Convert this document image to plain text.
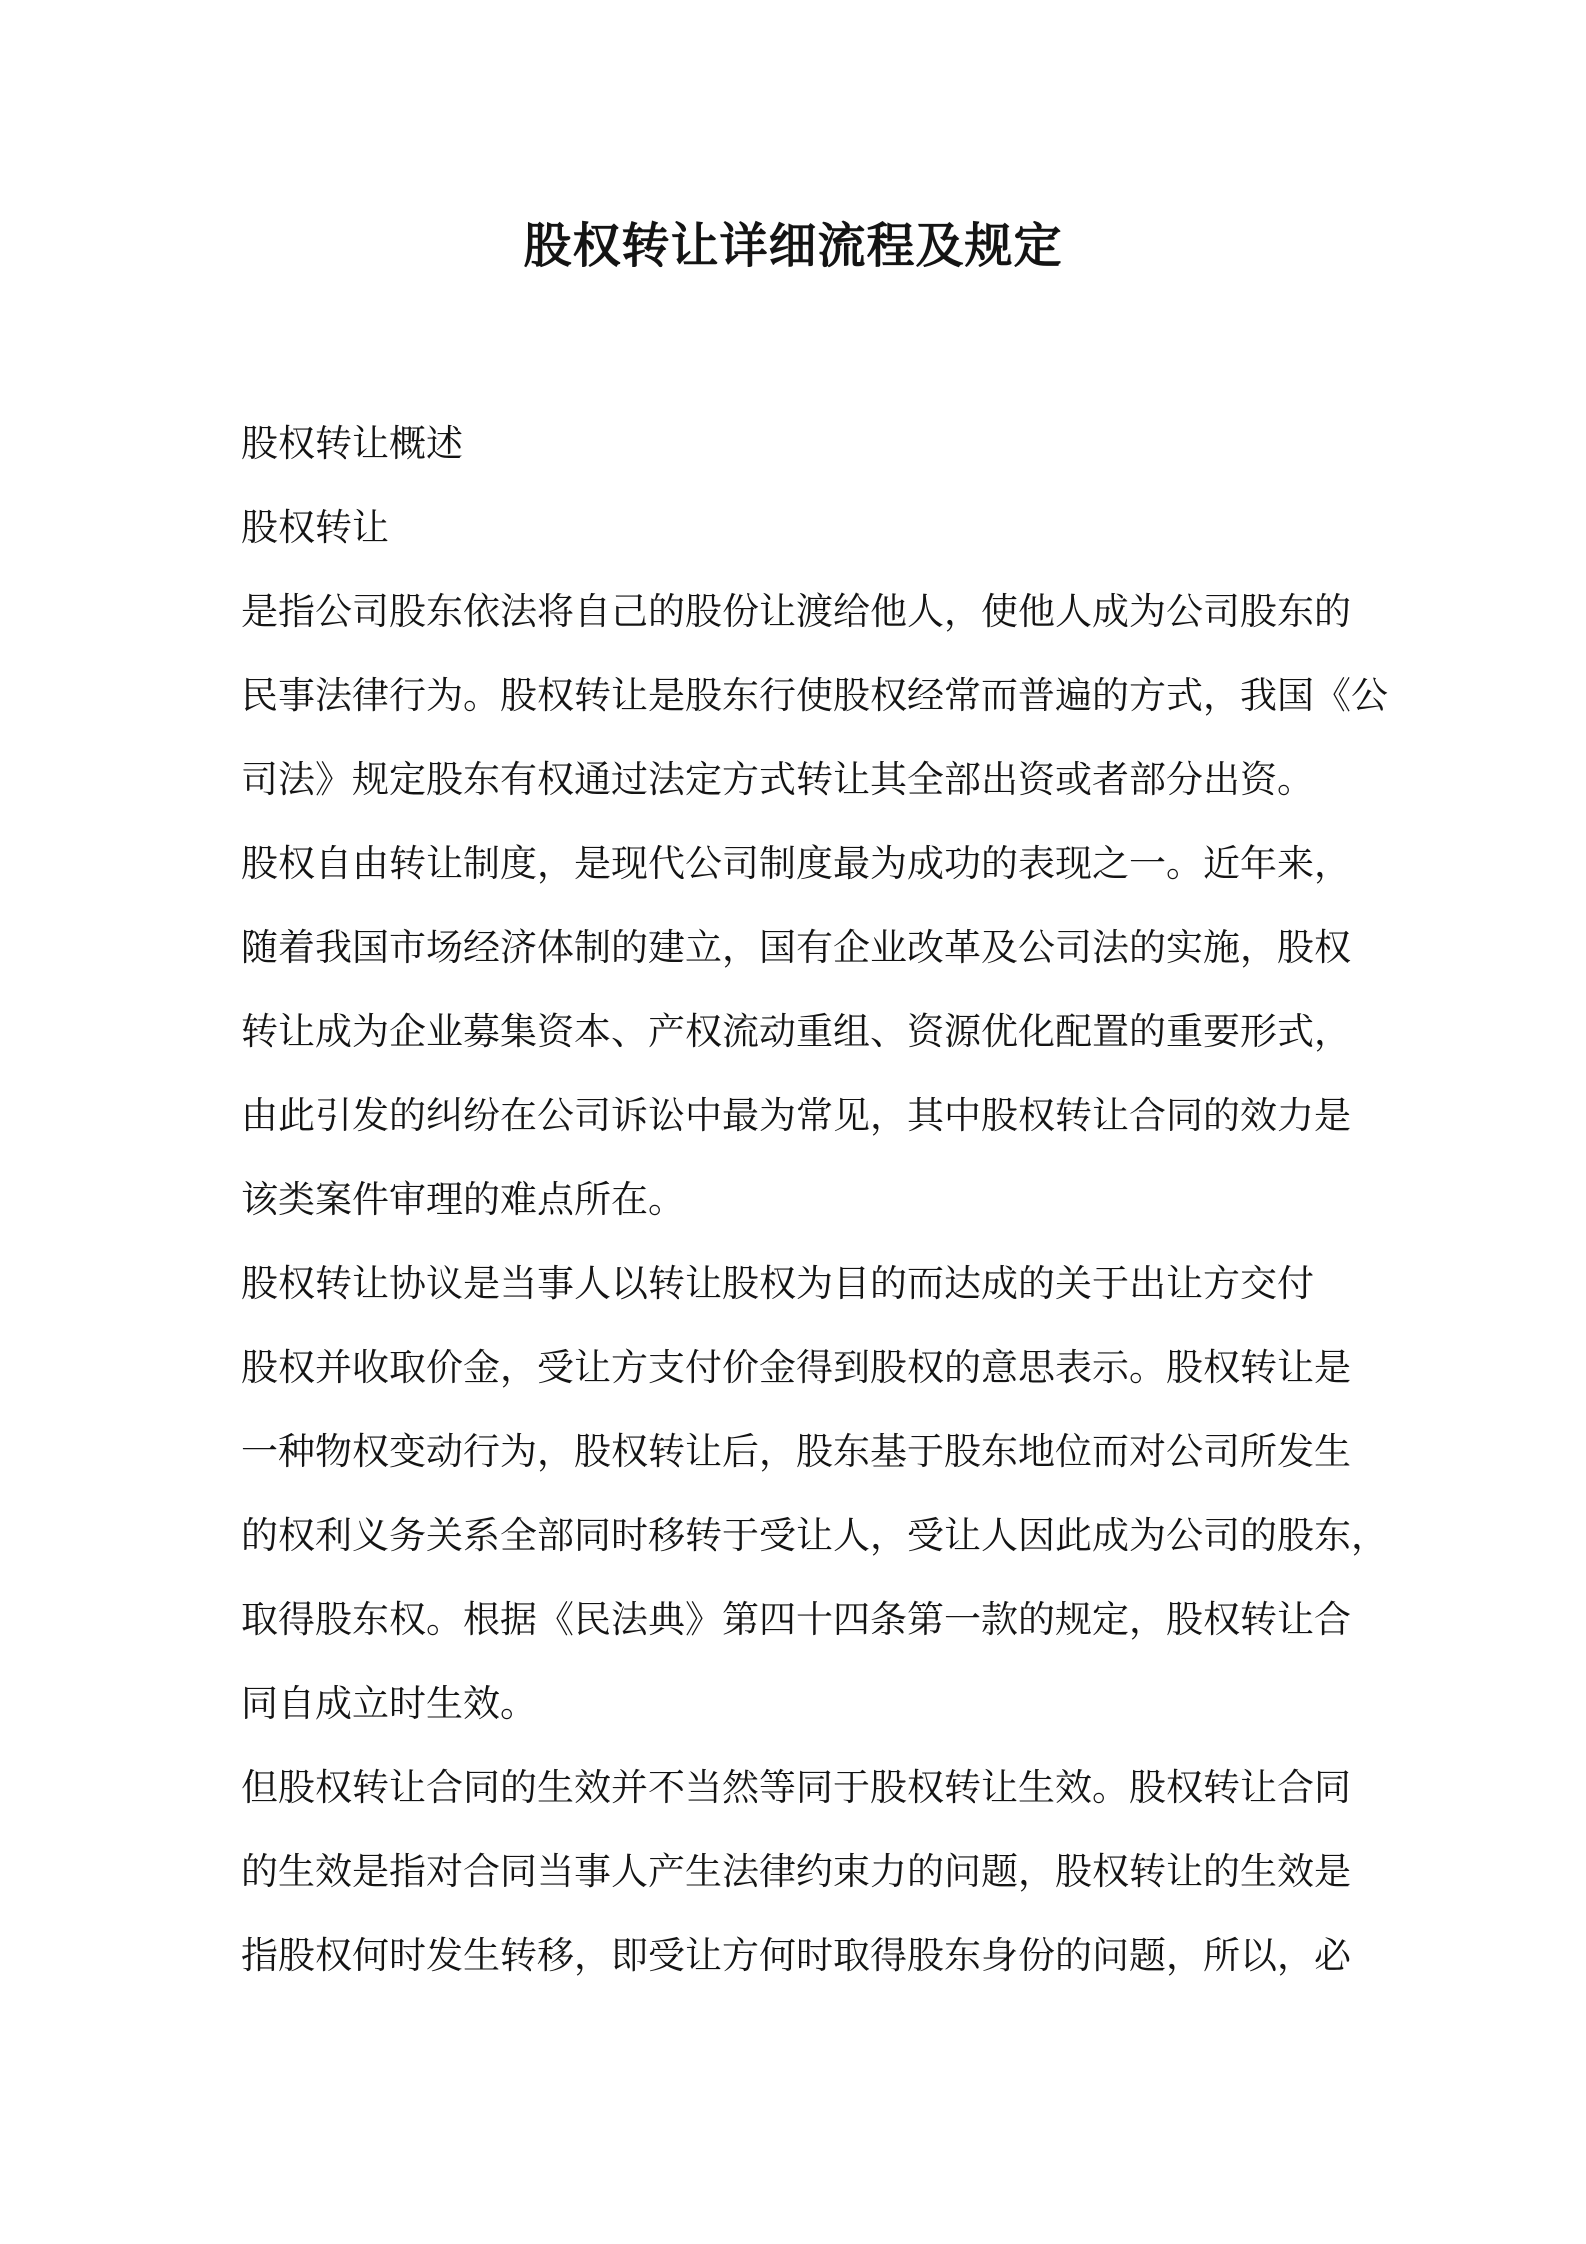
股权转让详细流程及规定

股权转让概述

股权转让

是指公司股东依法将自己的股份让渡给他人，使他人成为公司股东的

民事法律行为。股权转让是股东行使股权经常而普遍的方式，我国《公

司法》规定股东有权通过法定方式转让其全部出资或者部分出资。

股权自由转让制度，是现代公司制度最为成功的表现之一。近年来，

随着我国市场经济体制的建立，国有企业改革及公司法的实施，股权

转让成为企业募集资本、产权流动重组、资源优化配置的重要形式，

由此引发的纠纷在公司诉讼中最为常见，其中股权转让合同的效力是

该类案件审理的难点所在。

股权转让协议是当事人以转让股权为目的而达成的关于出让方交付

股权并收取价金，受让方支付价金得到股权的意思表示。股权转让是

一种物权变动行为，股权转让后，股东基于股东地位而对公司所发生

的权利义务关系全部同时移转于受让人，受让人因此成为公司的股东，

取得股东权。根据《民法典》第四十四条第一款的规定，股权转让合

同自成立时生效。

但股权转让合同的生效并不当然等同于股权转让生效。股权转让合同

的生效是指对合同当事人产生法律约束力的问题，股权转让的生效是

指股权何时发生转移，即受让方何时取得股东身份的问题，所以，必
